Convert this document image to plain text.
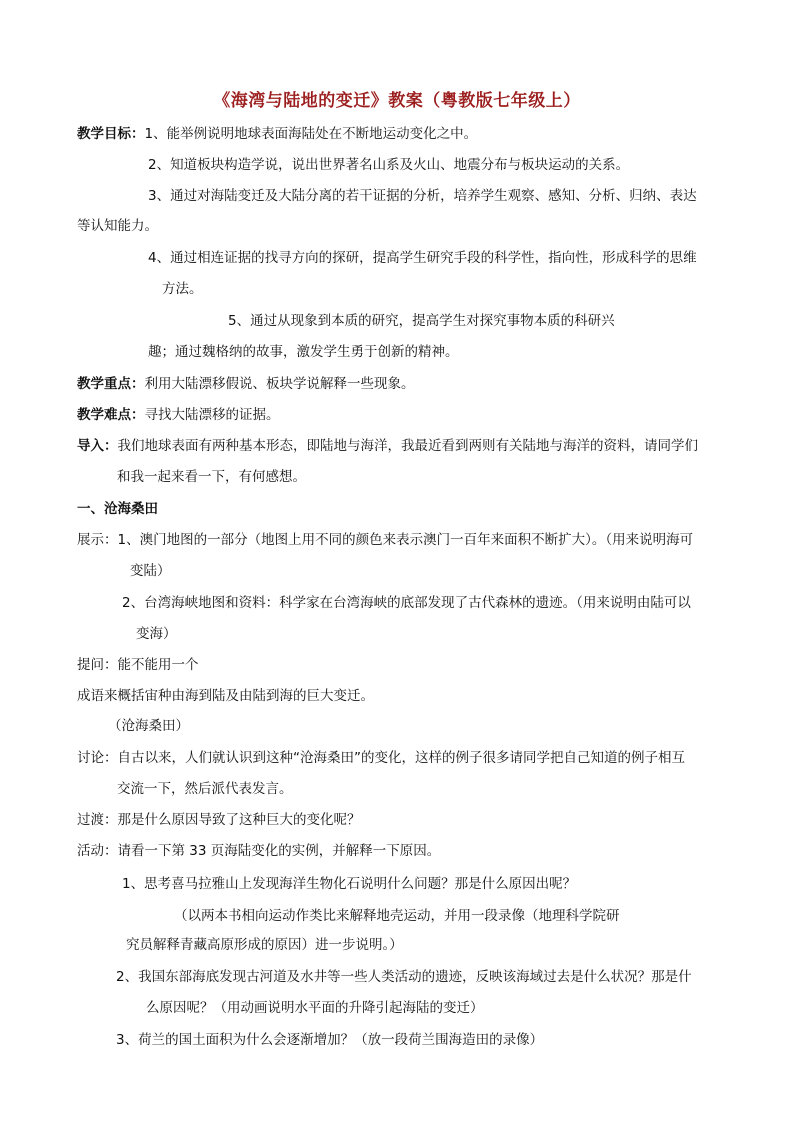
《海湾与陆地的变迁》教案（粤教版七年级上）
教学目标：1、能举例说明地球表面海陆处在不断地运动变化之中。
2、知道板块构造学说，说出世界著名山系及火山、地震分布与板块运动的关系。
3、通过对海陆变迁及大陆分离的若干证据的分析，培养学生观察、感知、分析、归纳、表达
等认知能力。
4、通过相连证据的找寻方向的探研，提高学生研究手段的科学性，指向性，形成科学的思维
方法。
5、通过从现象到本质的研究，提高学生对探究事物本质的科研兴
趣；通过魏格纳的故事，激发学生勇于创新的精神。
教学重点：利用大陆漂移假说、板块学说解释一些现象。
教学难点：寻找大陆漂移的证据。
导入：我们地球表面有两种基本形态，即陆地与海洋，我最近看到两则有关陆地与海洋的资料，请同学们
和我一起来看一下，有何感想。
一、沧海桑田
展示：1、澳门地图的一部分（地图上用不同的颜色来表示澳门一百年来面积不断扩大）。（用来说明海可
变陆）
2、台湾海峡地图和资料：科学家在台湾海峡的底部发现了古代森林的遗迹。（用来说明由陆可以
变海）
提问：能不能用一个
成语来概括宙种由海到陆及由陆到海的巨大变迁。
（沧海桑田）
讨论：自古以来，人们就认识到这种“沧海桑田”的变化，这样的例子很多请同学把自己知道的例子相互
交流一下，然后派代表发言。
过渡：那是什么原因导致了这种巨大的变化呢？
活动：请看一下第 33 页海陆变化的实例，并解释一下原因。
1、思考喜马拉雅山上发现海洋生物化石说明什么问题？那是什么原因出呢？
（以两本书相向运动作类比来解释地壳运动，并用一段录像（地理科学院研
究员解释青藏高原形成的原因）进一步说明。）
2、我国东部海底发现古河道及水井等一些人类活动的遗迹，反映该海域过去是什么状况？那是什
么原因呢？（用动画说明水平面的升降引起海陆的变迁）
3、荷兰的国土面积为什么会逐渐增加？（放一段荷兰围海造田的录像）
